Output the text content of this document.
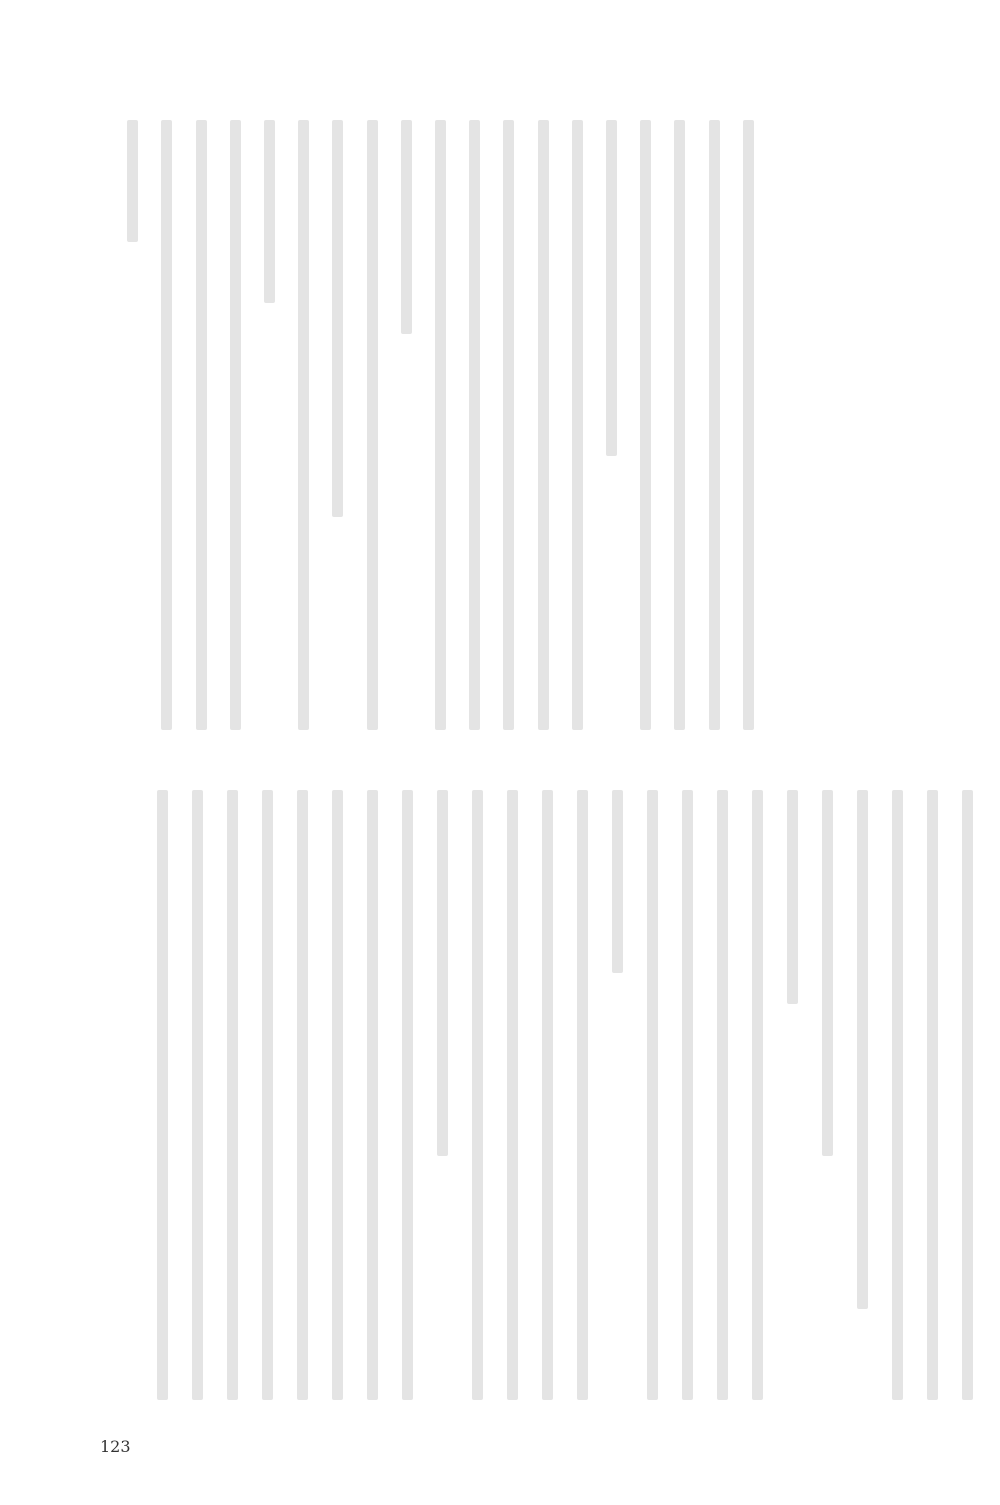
123
